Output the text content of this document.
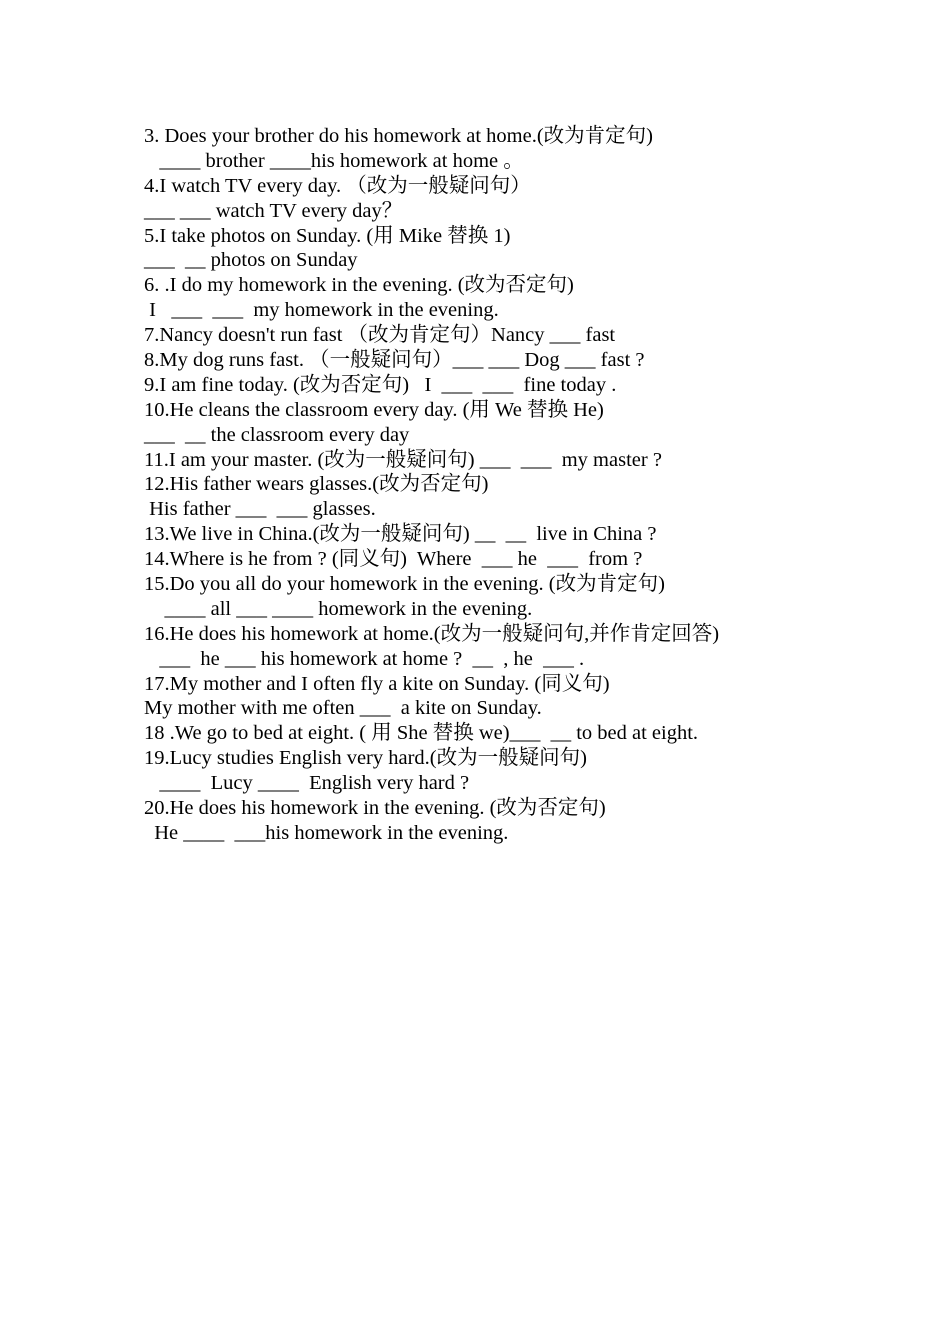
3. Does your brother do his homework at home.(改为肯定句)
____ brother ____his homework at home 。
4.I watch TV every day. （改为一般疑问句）
___ ___ watch TV every day？
5.I take photos on Sunday. (用 Mike 替换 1)
___  __ photos on Sunday
6. .I do my homework in the evening. (改为否定句)
I   ___  ___  my homework in the evening.
7.Nancy doesn't run fast （改为肯定句）Nancy ___ fast
8.My dog runs fast. （一般疑问句）___ ___ Dog ___ fast ?
9.I am fine today. (改为否定句)   I  ___  ___  fine today .
10.He cleans the classroom every day. (用 We 替换 He)
___  __ the classroom every day
11.I am your master. (改为一般疑问句) ___  ___  my master ?
12.His father wears glasses.(改为否定句)
His father ___  ___ glasses.
13.We live in China.(改为一般疑问句) __  __  live in China ?
14.Where is he from ? (同义句)  Where  ___ he  ___  from ?
15.Do you all do your homework in the evening. (改为肯定句)
____ all ___ ____ homework in the evening.
16.He does his homework at home.(改为一般疑问句,并作肯定回答)
___  he ___ his homework at home ?  __  , he  ___ .
17.My mother and I often fly a kite on Sunday. (同义句)
My mother with me often ___  a kite on Sunday.
18 .We go to bed at eight. ( 用 She 替换 we)___  __ to bed at eight.
19.Lucy studies English very hard.(改为一般疑问句)
____  Lucy ____  English very hard ?
20.He does his homework in the evening. (改为否定句)
He ____  ___his homework in the evening.
